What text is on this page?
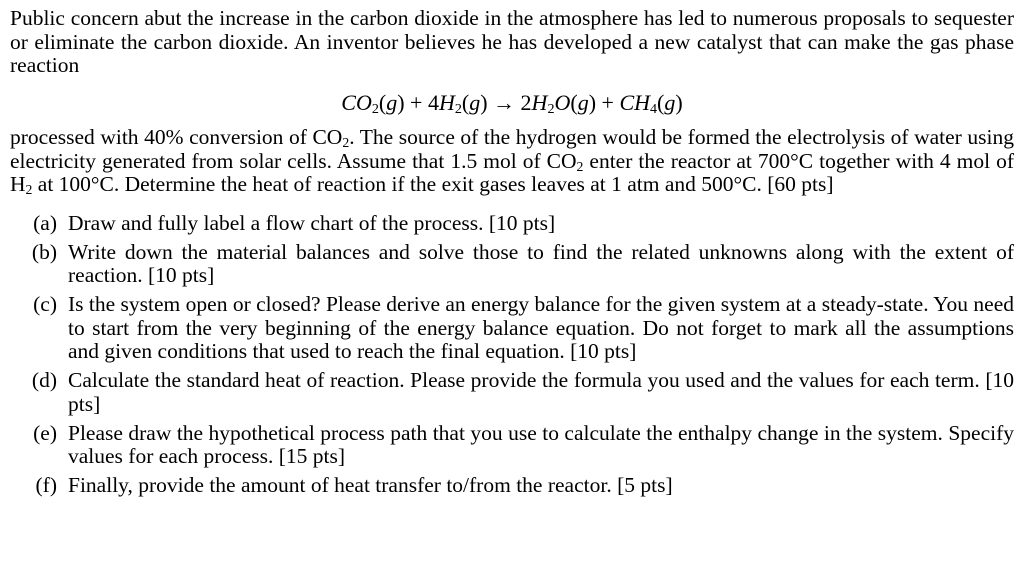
Public concern abut the increase in the carbon dioxide in the atmosphere has led to numerous proposals to sequester or eliminate the carbon dioxide. An inventor believes he has developed a new catalyst that can make the gas phase reaction

$CO_2(g) + 4H_2(g) \to 2H_2O(g) + CH_4(g)$

processed with 40% conversion of $CO_2$. The source of the hydrogen would be formed the electrolysis of water using electricity generated from solar cells. Assume that 1.5 mol of $CO_2$ enter the reactor at 700°C together with 4 mol of $H_2$ at 100°C. Determine the heat of reaction if the exit gases leaves at 1 atm and 500°C. [60 pts]

(a) Draw and fully label a flow chart of the process. [10 pts]
(b) Write down the material balances and solve those to find the related unknowns along with the extent of reaction. [10 pts]
(c) Is the system open or closed? Please derive an energy balance for the given system at a steady-state. You need to start from the very beginning of the energy balance equation. Do not forget to mark all the assumptions and given conditions that used to reach the final equation. [10 pts]
(d) Calculate the standard heat of reaction. Please provide the formula you used and the values for each term. [10 pts]
(e) Please draw the hypothetical process path that you use to calculate the enthalpy change in the system. Specify values for each process. [15 pts]
(f) Finally, provide the amount of heat transfer to/from the reactor. [5 pts]
